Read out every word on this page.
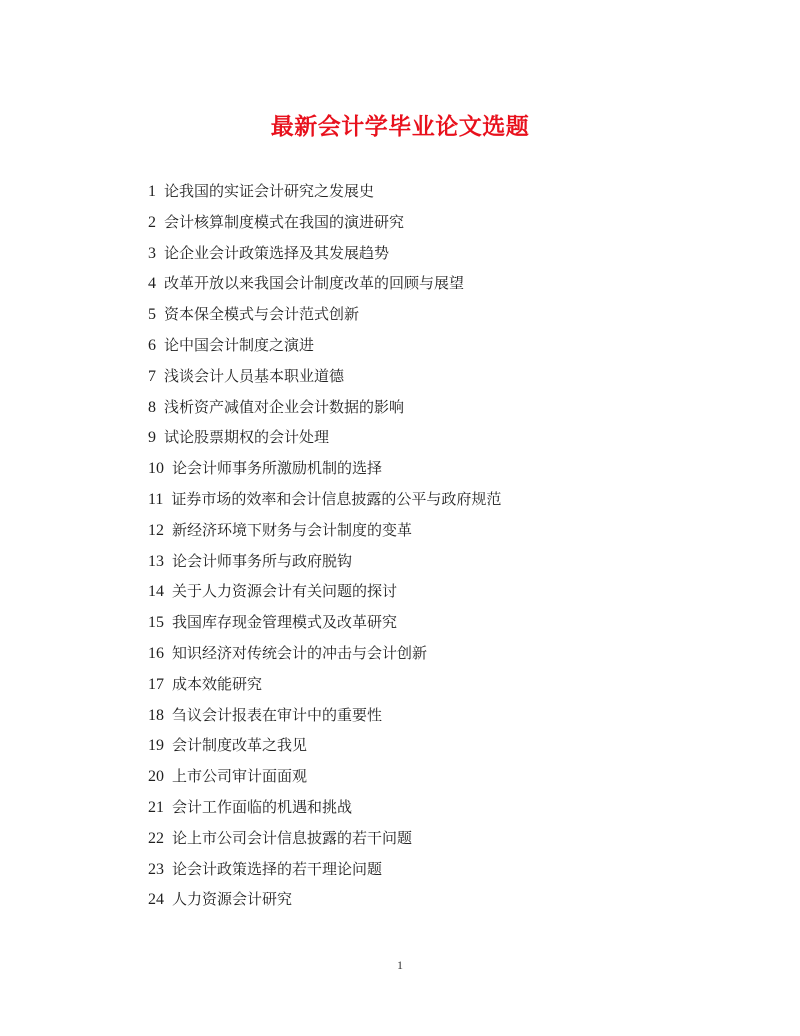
最新会计学毕业论文选题
1 论我国的实证会计研究之发展史
2 会计核算制度模式在我国的演进研究
3 论企业会计政策选择及其发展趋势
4 改革开放以来我国会计制度改革的回顾与展望
5 资本保全模式与会计范式创新
6 论中国会计制度之演进
7 浅谈会计人员基本职业道德
8 浅析资产减值对企业会计数据的影响
9 试论股票期权的会计处理
10 论会计师事务所激励机制的选择
11 证券市场的效率和会计信息披露的公平与政府规范
12 新经济环境下财务与会计制度的变革
13 论会计师事务所与政府脱钩
14 关于人力资源会计有关问题的探讨
15 我国库存现金管理模式及改革研究
16 知识经济对传统会计的冲击与会计创新
17 成本效能研究
18 刍议会计报表在审计中的重要性
19 会计制度改革之我见
20 上市公司审计面面观
21 会计工作面临的机遇和挑战
22 论上市公司会计信息披露的若干问题
23 论会计政策选择的若干理论问题
24 人力资源会计研究
1
